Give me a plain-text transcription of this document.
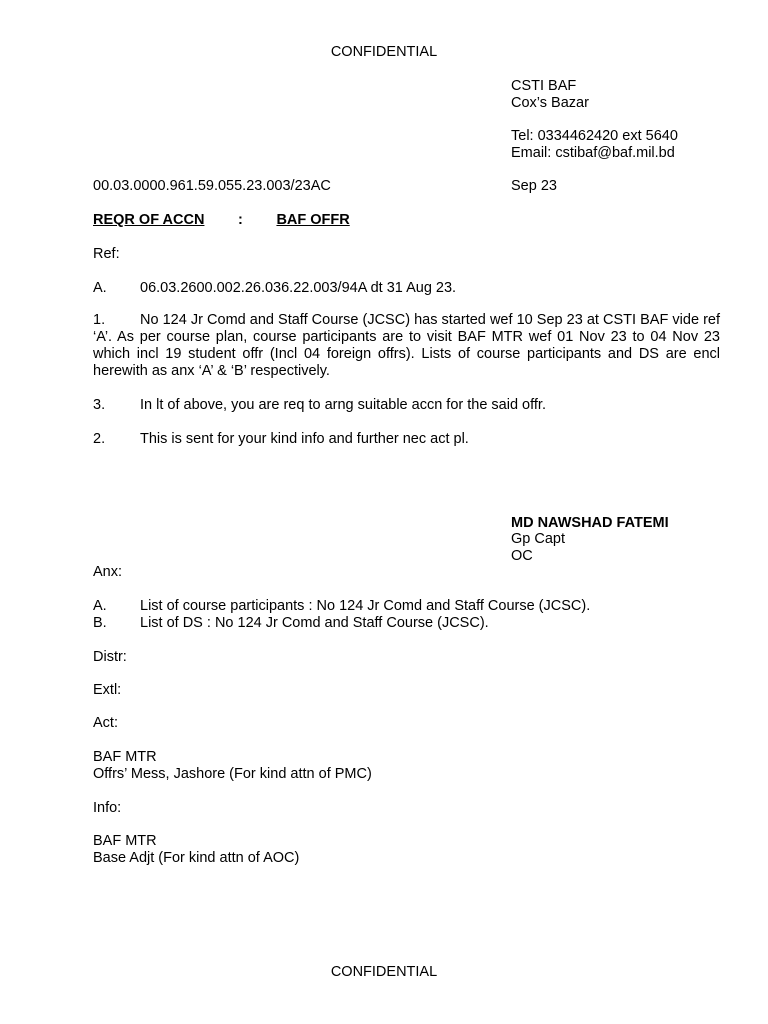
CONFIDENTIAL
CSTI BAF
Cox’s Bazar
Tel: 0334462420 ext 5640
Email: cstibaf@baf.mil.bd
00.03.0000.961.59.055.23.003/23AC	Sep 23
REQR OF ACCN : BAF OFFR
Ref:
A. 06.03.2600.002.26.036.22.003/94A dt 31 Aug 23.
1. No 124 Jr Comd and Staff Course (JCSC) has started wef 10 Sep 23 at CSTI BAF vide ref ‘A’. As per course plan, course participants are to visit BAF MTR wef 01 Nov 23 to 04 Nov 23 which incl 19 student offr (Incl 04 foreign offrs). Lists of course participants and DS are encl herewith as anx ‘A’ & ‘B’ respectively.
3. In lt of above, you are req to arng suitable accn for the said offr.
2. This is sent for your kind info and further nec act pl.
MD NAWSHAD FATEMI
Gp Capt
OC
Anx:
A. List of course participants : No 124 Jr Comd and Staff Course (JCSC).
B. List of DS : No 124 Jr Comd and Staff Course (JCSC).
Distr:
Extl:
Act:
BAF MTR
Offrs’ Mess, Jashore (For kind attn of PMC)
Info:
BAF MTR
Base Adjt (For kind attn of AOC)
CONFIDENTIAL
